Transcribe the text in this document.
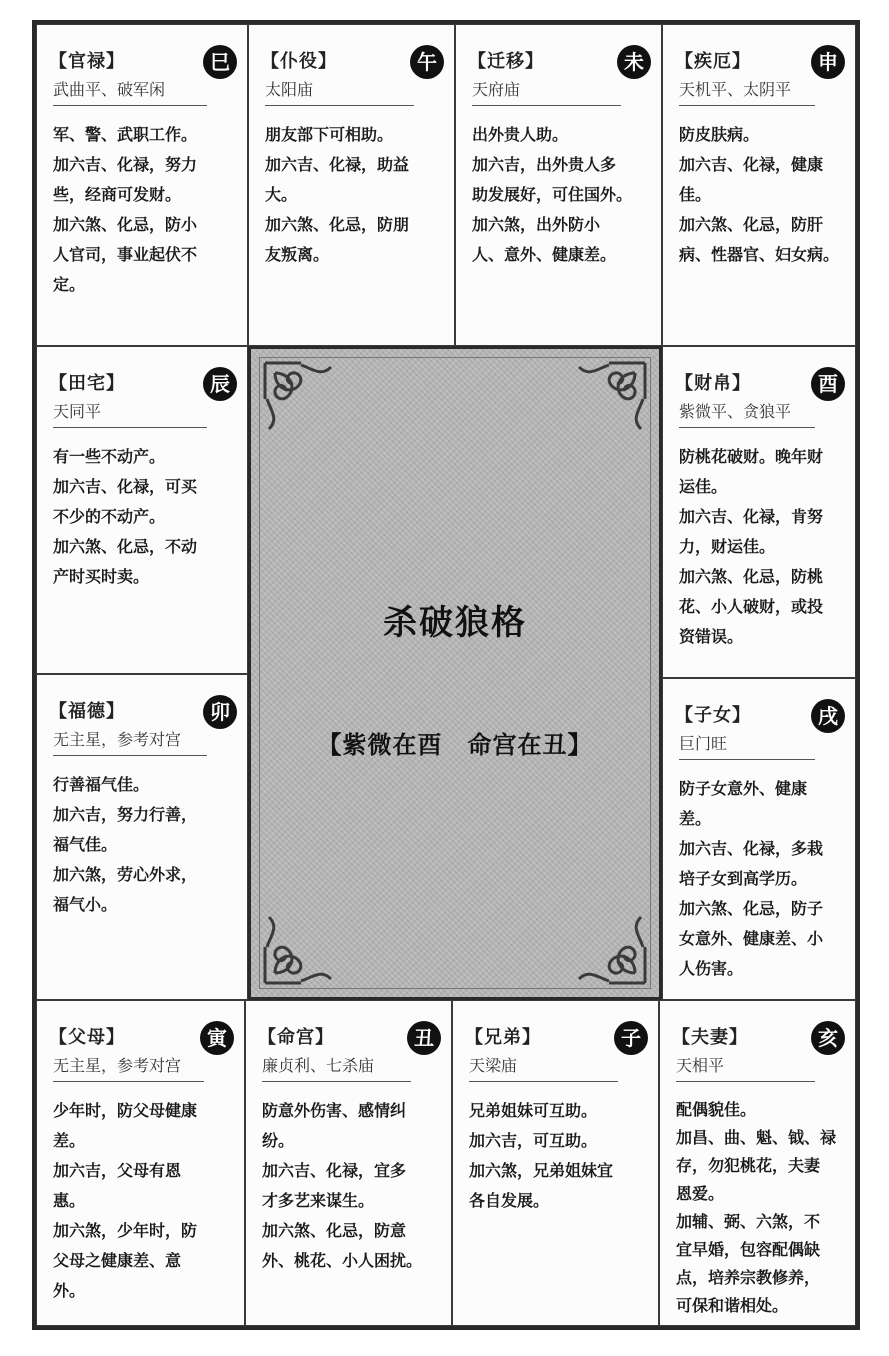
巳
【官禄】
武曲平、破军闲
军、警、武职工作。
加六吉、化禄，努力
些，经商可发财。
加六煞、化忌，防小
人官司，事业起伏不
定。
午
【仆役】
太阳庙
朋友部下可相助。
加六吉、化禄，助益
大。
加六煞、化忌，防朋
友叛离。
未
【迁移】
天府庙
出外贵人助。
加六吉，出外贵人多
助发展好，可住国外。
加六煞，出外防小
人、意外、健康差。
申
【疾厄】
天机平、太阴平
防皮肤病。
加六吉、化禄，健康
佳。
加六煞、化忌，防肝
病、性器官、妇女病。
辰
【田宅】
天同平
有一些不动产。
加六吉、化禄，可买
不少的不动产。
加六煞、化忌，不动
产时买时卖。
卯
【福德】
无主星，参考对宫
行善福气佳。
加六吉，努力行善，
福气佳。
加六煞，劳心外求，
福气小。
酉
【财帛】
紫微平、贪狼平
防桃花破财。晚年财
运佳。
加六吉、化禄，肯努
力，财运佳。
加六煞、化忌，防桃
花、小人破财，或投
资错误。
戌
【子女】
巨门旺
防子女意外、健康
差。
加六吉、化禄，多栽
培子女到高学历。
加六煞、化忌，防子
女意外、健康差、小
人伤害。
寅
【父母】
无主星，参考对宫
少年时，防父母健康
差。
加六吉，父母有恩
惠。
加六煞，少年时，防
父母之健康差、意
外。
丑
【命宫】
廉贞利、七杀庙
防意外伤害、感情纠
纷。
加六吉、化禄，宜多
才多艺来谋生。
加六煞、化忌，防意
外、桃花、小人困扰。
子
【兄弟】
天梁庙
兄弟姐妹可互助。
加六吉，可互助。
加六煞，兄弟姐妹宜
各自发展。
亥
【夫妻】
天相平
配偶貌佳。
加昌、曲、魁、钺、禄
存，勿犯桃花，夫妻
恩爱。
加辅、弼、六煞，不
宜早婚，包容配偶缺
点，培养宗教修养，
可保和谐相处。
杀破狼格
【紫微在酉　命宫在丑】
